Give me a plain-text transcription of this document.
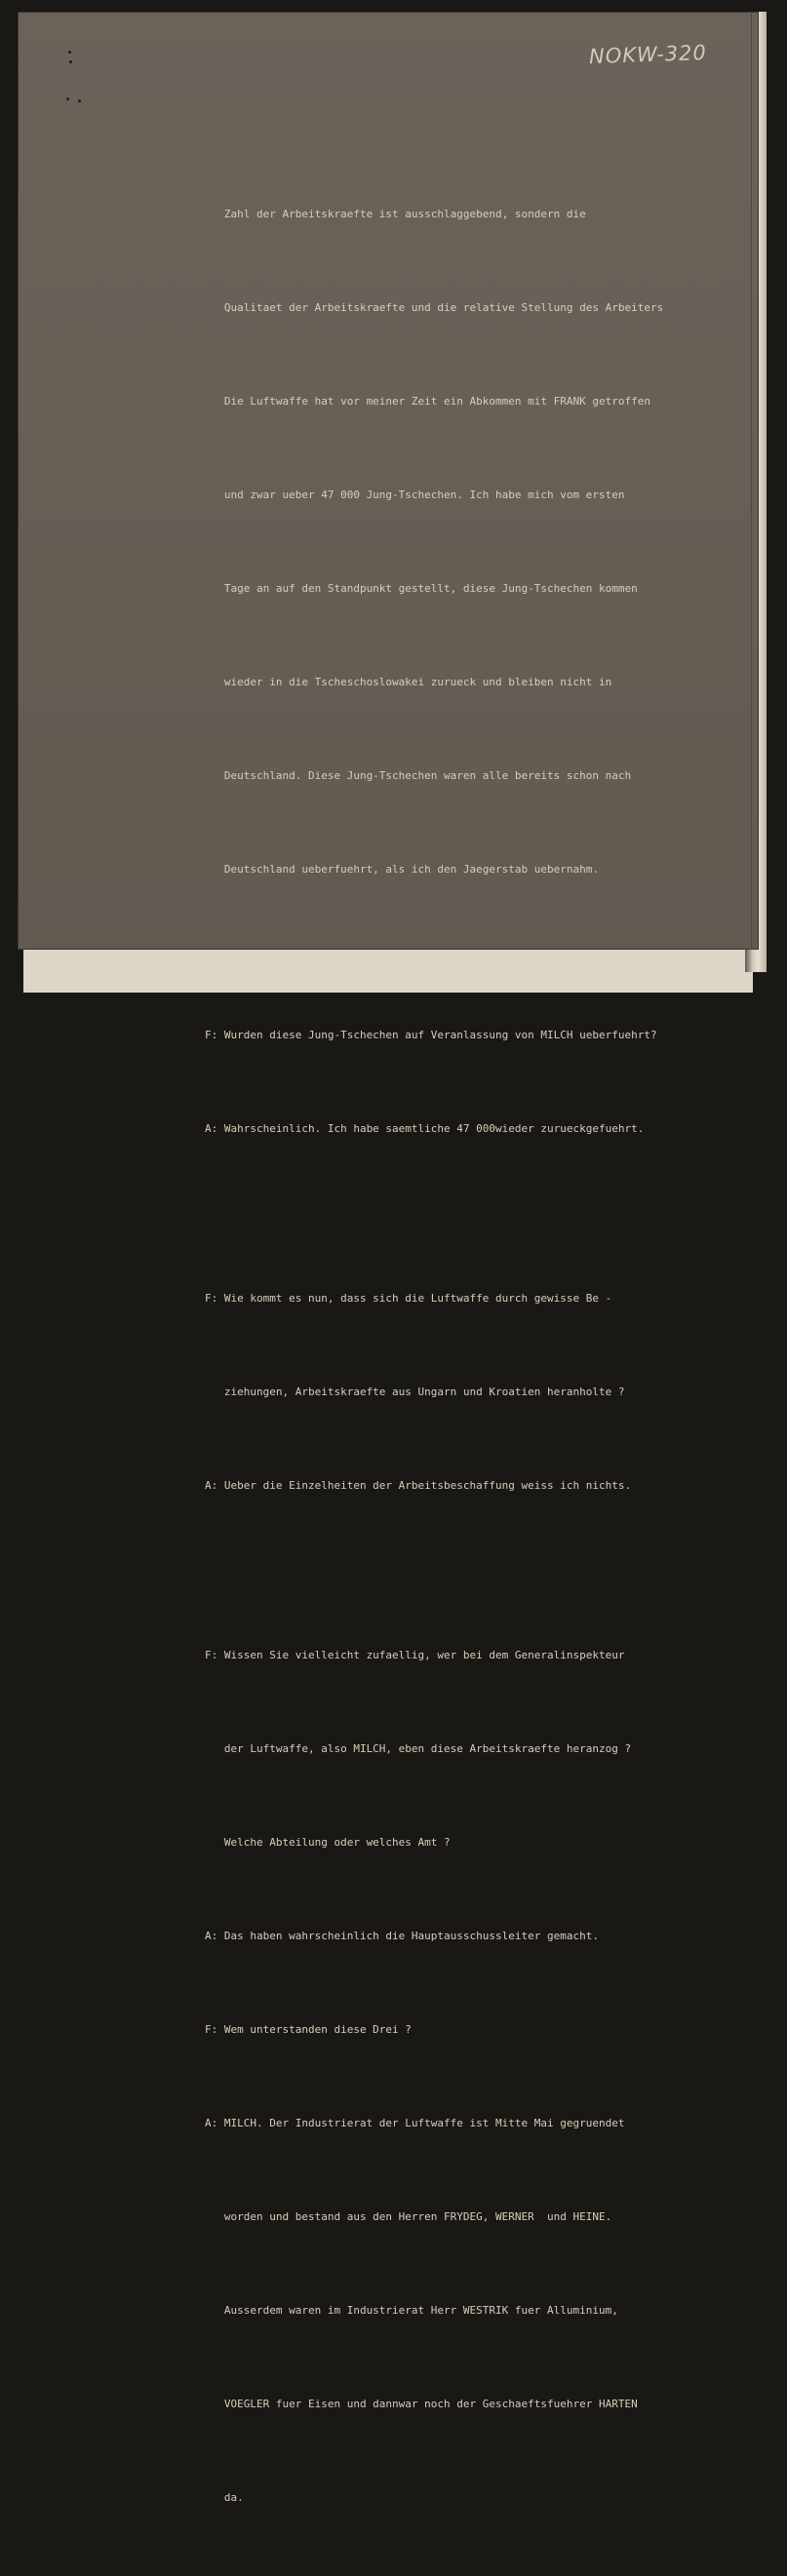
NOKW-320

Zahl der Arbeitskraefte ist ausschlaggebend, sondern die

Qualitaet der Arbeitskraefte und die relative Stellung des Arbeiters

Die Luftwaffe hat vor meiner Zeit ein Abkommen mit FRANK getroffen

und zwar ueber 47 000 Jung-Tschechen. Ich habe mich vom ersten

Tage an auf den Standpunkt gestellt, diese Jung-Tschechen kommen

wieder in die Tscheschoslowakei zurueck und bleiben nicht in

Deutschland. Diese Jung-Tschechen waren alle bereits schon nach

Deutschland ueberfuehrt, als ich den Jaegerstab uebernahm.

F: Wurden diese Jung-Tschechen auf Veranlassung von MILCH ueberfuehrt?

A: Wahrscheinlich. Ich habe saemtliche 47 000wieder zurueckgefuehrt.

F: Wie kommt es nun, dass sich die Luftwaffe durch gewisse Be -

ziehungen, Arbeitskraefte aus Ungarn und Kroatien heranholte ?

A: Ueber die Einzelheiten der Arbeitsbeschaffung weiss ich nichts.

F: Wissen Sie vielleicht zufaellig, wer bei dem Generalinspekteur

der Luftwaffe, also MILCH, eben diese Arbeitskraefte heranzog ?

Welche Abteilung oder welches Amt ?

A: Das haben wahrscheinlich die Hauptausschussleiter gemacht.

F: Wem unterstanden diese Drei ?

A: MILCH. Der Industrierat der Luftwaffe ist Mitte Mai gegruendet

worden und bestand aus den Herren FRYDEG, WERNER  und HEINE.

Ausserdem waren im Industrierat Herr WESTRIK fuer Alluminium,

VOEGLER fuer Eisen und dannwar noch der Geschaeftsfuehrer HARTEN

da.
